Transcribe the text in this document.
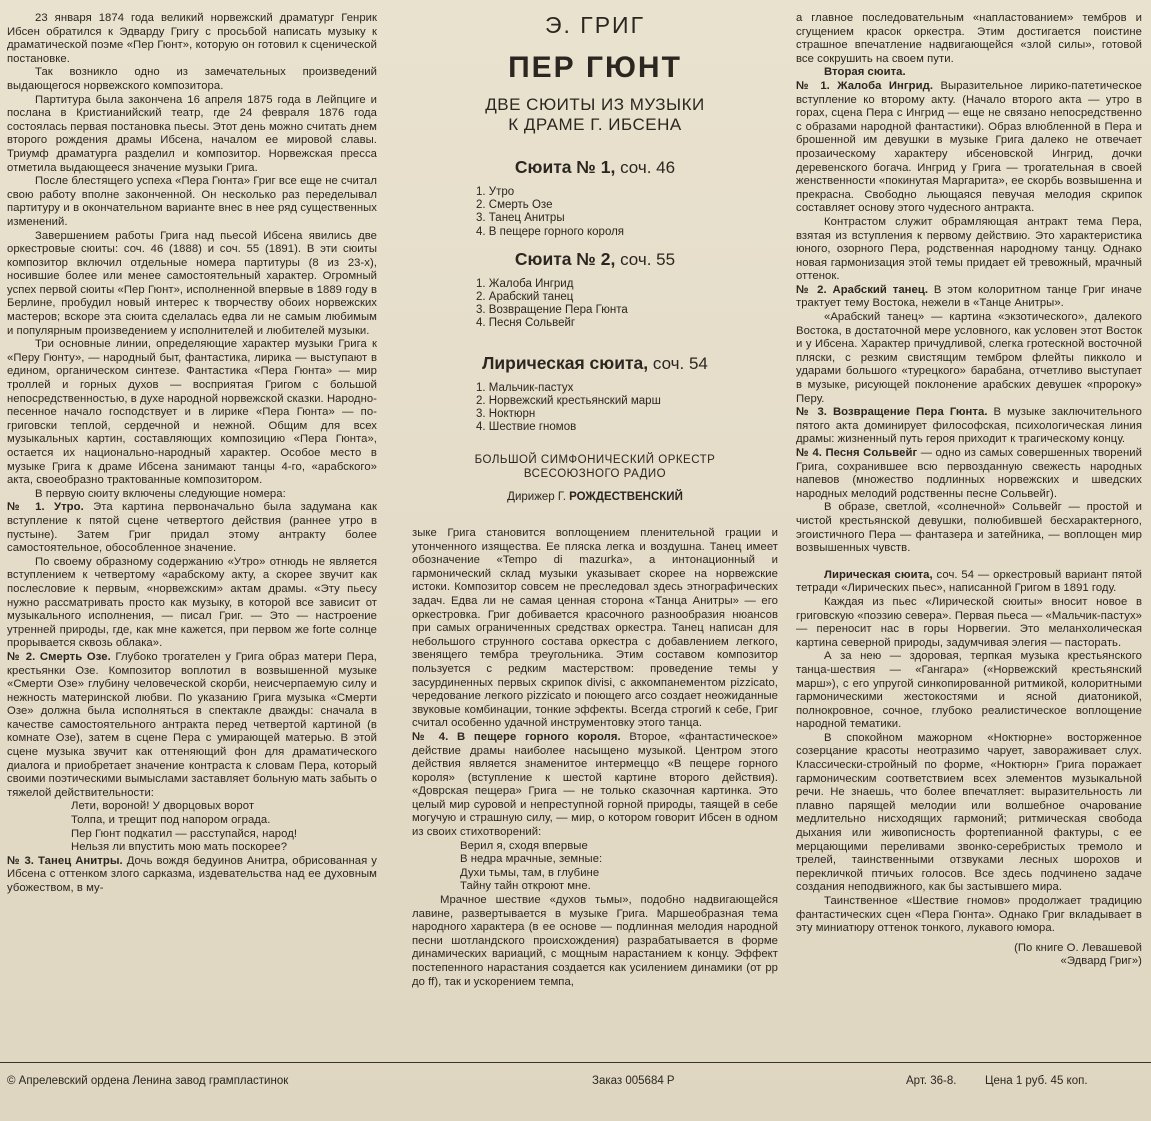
23 января 1874 года великий норвежский драматург Генрик Ибсен обратился к Эдварду Григу с просьбой написать музыку к драматической поэме «Пер Гюнт», которую он готовил к сценической постановке.

Так возникло одно из замечательных произведений выдающегося норвежского композитора.

Партитура была закончена 16 апреля 1875 года в Лейпциге и послана в Кристианийский театр, где 24 февраля 1876 года состоялась первая постановка пьесы. Этот день можно считать днем второго рождения драмы Ибсена, началом ее мировой славы. Триумф драматурга разделил и композитор. Норвежская пресса отметила выдающееся значение музыки Грига.

После блестящего успеха «Пера Гюнта» Григ все еще не считал свою работу вполне законченной. Он несколько раз переделывал партитуру и в окончательном варианте внес в нее ряд существенных изменений.

Завершением работы Грига над пьесой Ибсена явились две оркестровые сюиты: соч. 46 (1888) и соч. 55 (1891). В эти сюиты композитор включил отдельные номера партитуры (8 из 23-х), носившие более или менее самостоятельный характер. Огромный успех первой сюиты «Пер Гюнт», исполненной впервые в 1889 году в Берлине, пробудил новый интерес к творчеству обоих норвежских мастеров; вскоре эта сюита сделалась едва ли не самым любимым и популярным произведением у исполнителей и любителей музыки.

Три основные линии, определяющие характер музыки Грига к «Перу Гюнту», — народный быт, фантастика, лирика — выступают в едином, органическом синтезе. Фантастика «Пера Гюнта» — мир троллей и горных духов — восприятая Григом с большой непосредственностью, в духе народной норвежской сказки. Народно-песенное начало господствует и в лирике «Пера Гюнта» — по-григовски теплой, сердечной и нежной. Общим для всех музыкальных картин, составляющих композицию «Пера Гюнта», остается их национально-народный характер. Особое место в музыке Грига к драме Ибсена занимают танцы 4-го, «арабского» акта, своеобразно трактованные композитором.

В первую сюиту включены следующие номера:

№ 1. Утро. Эта картина первоначально была задумана как вступление к пятой сцене четвертого действия (раннее утро в пустыне). Затем Григ придал этому антракту более самостоятельное, обособленное значение.

По своему образному содержанию «Утро» отнюдь не является вступлением к четвертому «арабскому акту, а скорее звучит как послесловие к первым, «норвежским» актам драмы. «Эту пьесу нужно рассматривать просто как музыку, в которой все зависит от музыкального исполнения, — писал Григ. — Это — настроение утренней природы, где, как мне кажется, при первом же forte солнце прорывается сквозь облака».

№ 2. Смерть Озе. Глубоко трогателен у Грига образ матери Пера, крестьянки Озе. Композитор воплотил в возвышенной музыке «Смерти Озе» глубину человеческой скорби, неисчерпаемую силу и нежность материнской любви. По указанию Грига музыка «Смерти Озе» должна была исполняться в спектакле дважды: сначала в качестве самостоятельного антракта перед четвертой картиной (в комнате Озе), затем в сцене Пера с умирающей матерью. В этой сцене музыка звучит как оттеняющий фон для драматического диалога и приобретает значение контраста к словам Пера, который своими поэтическими вымыслами заставляет больную мать забыть о тяжелой действительности:

Лети, вороной! У дворцовых ворот

Толпа, и трещит под напором ограда.

Пер Гюнт подкатил — расступайся, народ!

Нельзя ли впустить мою мать поскорее?

№ 3. Танец Анитры. Дочь вождя бедуинов Анитра, обрисованная у Ибсена с оттенком злого сарказма, издевательства над ее духовным убожеством, в му-

Э. ГРИГ
ПЕР ГЮНТ
ДВЕ СЮИТЫ ИЗ МУЗЫКИ
К ДРАМЕ Г. ИБСЕНА
Сюита № 1, соч. 46
1. Утро
2. Смерть Озе
3. Танец Анитры
4. В пещере горного короля
Сюита № 2, соч. 55
1. Жалоба Ингрид
2. Арабский танец
3. Возвращение Пера Гюнта
4. Песня Сольвейг
Лирическая сюита, соч. 54
1. Мальчик-пастух
2. Норвежский крестьянский марш
3. Ноктюрн
4. Шествие гномов
БОЛЬШОЙ СИМФОНИЧЕСКИЙ ОРКЕСТР
ВСЕСОЮЗНОГО РАДИО
Дирижер Г. РОЖДЕСТВЕНСКИЙ

зыке Грига становится воплощением пленительной грации и утонченного изящества. Ее пляска легка и воздушна. Танец имеет обозначение «Tempo di mazurka», а интонационный и гармонический склад музыки указывает скорее на норвежские истоки. Композитор совсем не преследовал здесь этнографических задач. Едва ли не самая ценная сторона «Танца Анитры» — его оркестровка. Григ добивается красочного разнообразия нюансов при самых ограниченных средствах оркестра. Танец написан для небольшого струнного состава оркестра с добавлением легкого, звенящего тембра треугольника. Этим составом композитор пользуется с редким мастерством: проведение темы у засурдиненных первых скрипок divisi, с аккомпанементом pizzicato, чередование легкого pizzicato и поющего arco создает неожиданные звуковые комбинации, тонкие эффекты. Всегда строгий к себе, Григ считал особенно удачной инструментовку этого танца.

№ 4. В пещере горного короля. Второе, «фантастическое» действие драмы наиболее насыщено музыкой. Центром этого действия является знаменитое интермеццо «В пещере горного короля» (вступление к шестой картине второго действия). «Доврская пещера» Грига — не только сказочная картинка. Это целый мир суровой и непреступной горной природы, таящей в себе могучую и страшную силу, — мир, о котором говорит Ибсен в одном из своих стихотворений:

Верил я, сходя впервые

В недра мрачные, земные:

Духи тьмы, там, в глубине

Тайну тайн откроют мне.

Мрачное шествие «духов тьмы», подобно надвигающейся лавине, развертывается в музыке Грига. Маршеобразная тема народного характера (в ее основе — подлинная мелодия народной песни шотландского происхождения) разрабатывается в форме динамических вариаций, с мощным нарастанием к концу. Эффект постепенного нарастания создается как усилением динамики (от pp до ff), так и ускорением темпа,

а главное последовательным «напластованием» тембров и сгущением красок оркестра. Этим достигается поистине страшное впечатление надвигающейся «злой силы», готовой все сокрушить на своем пути.

Вторая сюита.

№ 1. Жалоба Ингрид. Выразительное лирико-патетическое вступление ко второму акту. (Начало второго акта — утро в горах, сцена Пера с Ингрид — еще не связано непосредственно с образами народной фантастики). Образ влюбленной в Пера и брошенной им девушки в музыке Грига далеко не отвечает прозаическому характеру ибсеновской Ингрид, дочки деревенского богача. Ингрид у Грига — трогательная в своей женственности «покинутая Маргарита», ее скорбь возвышенна и прекрасна. Свободно льющаяся певучая мелодия скрипок составляет основу этого чудесного антракта.

Контрастом служит обрамляющая антракт тема Пера, взятая из вступления к первому действию. Это характеристика юного, озорного Пера, родственная народному танцу. Однако новая гармонизация этой темы придает ей тревожный, мрачный оттенок.

№ 2. Арабский танец. В этом колоритном танце Григ иначе трактует тему Востока, нежели в «Танце Анитры».

«Арабский танец» — картина «экзотического», далекого Востока, в достаточной мере условного, как условен этот Восток и у Ибсена. Характер причудливой, слегка гротескной восточной пляски, с резким свистящим тембром флейты пикколо и ударами большого «турецкого» барабана, отчетливо выступает в музыке, рисующей поклонение арабских девушек «пророку» Перу.

№ 3. Возвращение Пера Гюнта. В музыке заключительного пятого акта доминирует философская, психологическая линия драмы: жизненный путь героя приходит к трагическому концу.

№ 4. Песня Сольвейг — одно из самых совершенных творений Грига, сохранившее всю первозданную свежесть народных напевов (множество подлинных норвежских и шведских народных мелодий родственны песне Сольвейг).

В образе, светлой, «солнечной» Сольвейг — простой и чистой крестьянской девушки, полюбившей бесхарактерного, эгоистичного Пера — фантазера и затейника, — воплощен мир возвышенных чувств.

Лирическая сюита, соч. 54 — оркестровый вариант пятой тетради «Лирических пьес», написанной Григом в 1891 году.

Каждая из пьес «Лирической сюиты» вносит новое в григовскую «поэзию севера». Первая пьеса — «Мальчик-пастух» — переносит нас в горы Норвегии. Это меланхолическая картина северной природы, задумчивая элегия — пасторать.

А за нею — здоровая, терпкая музыка крестьянского танца-шествия — «Гангара» («Норвежский крестьянский марш»), с его упругой синкопированной ритмикой, колоритными гармоническими жестокостями и ясной диатоникой, полнокровное, сочное, глубоко реалистическое воплощение народной тематики.

В спокойном мажорном «Ноктюрне» восторженное созерцание красоты неотразимо чарует, завораживает слух. Классически-стройный по форме, «Ноктюрн» Грига поражает гармоническим соответствием всех элементов музыкальной речи. Не знаешь, что более впечатляет: выразительность ли плавно парящей мелодии или волшебное очарование медлительно нисходящих гармоний; ритмическая свобода дыхания или живописность фортепианной фактуры, с ее мерцающими переливами звонко-серебристых тремоло и трелей, таинственными отзвуками лесных шорохов и перекличкой птичьих голосов. Все здесь подчинено задаче создания неподвижного, как бы застывшего мира.

Таинственное «Шествие гномов» продолжает традицию фантастических сцен «Пера Гюнта». Однако Григ вкладывает в эту миниатюру оттенок тонкого, лукавого юмора.

(По книге О. Левашевой

«Эдвард Григ»)

© Апрелевский ордена Ленина завод грампластинок	Заказ 005684 Р	Арт. 36-8. Цена 1 руб. 45 коп.
